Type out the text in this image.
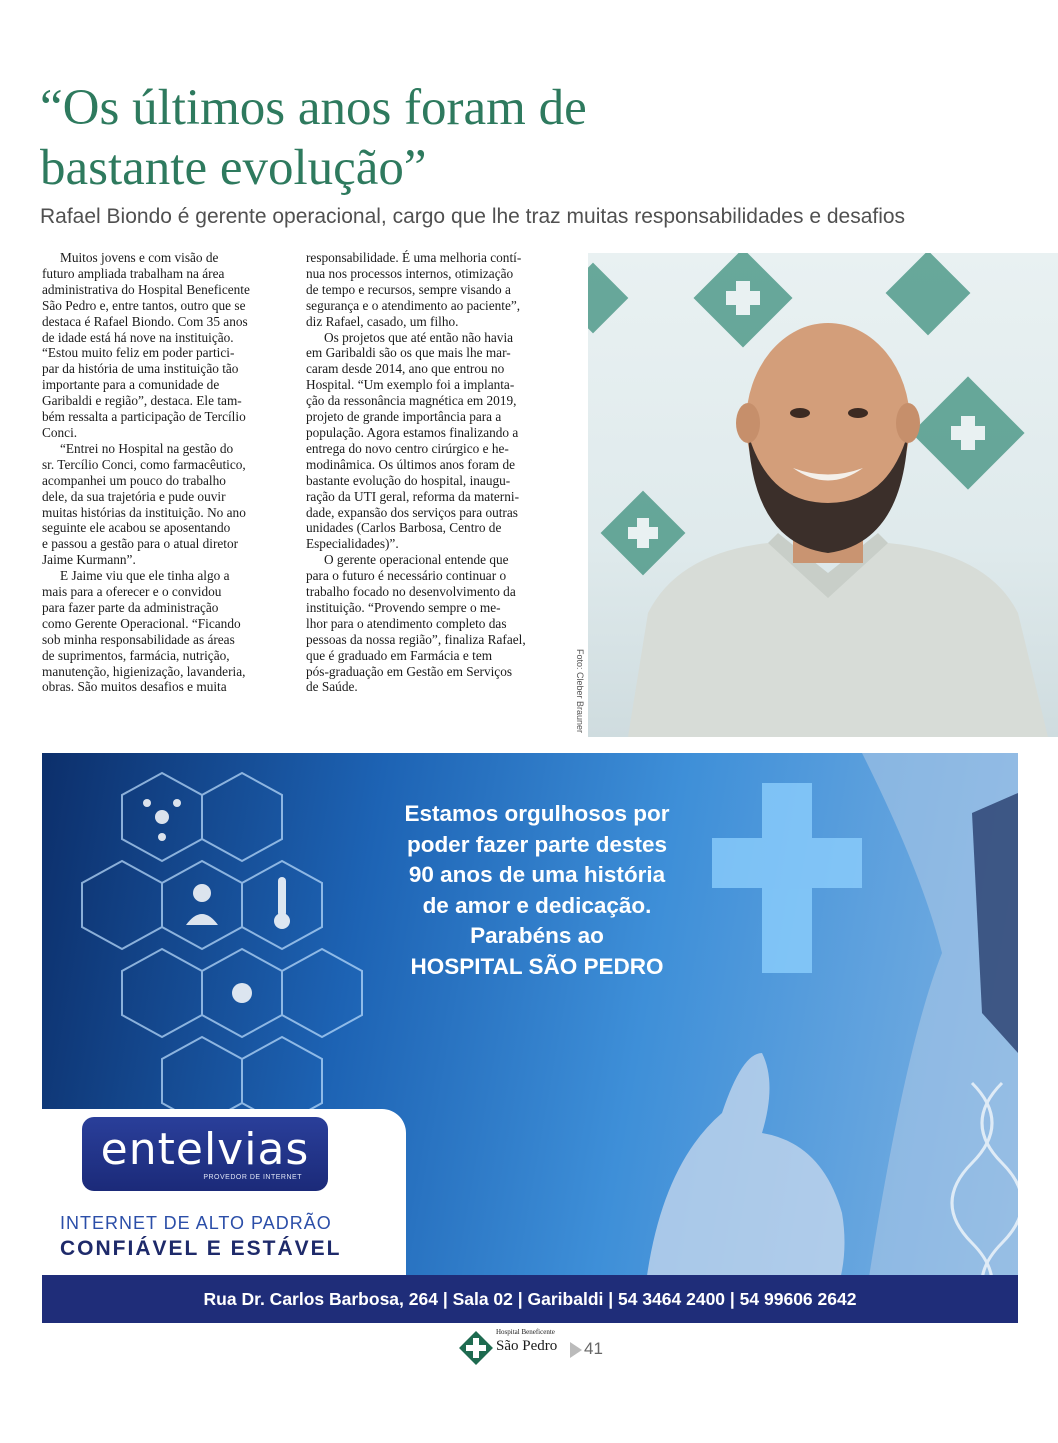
“Os últimos anos foram de
bastante evolução”

Rafael Biondo é gerente operacional, cargo que lhe traz muitas responsabilidades e desafios

Muitos jovens e com visão de
futuro ampliada trabalham na área
administrativa do Hospital Beneficente
São Pedro e, entre tantos, outro que se
destaca é Rafael Biondo. Com 35 anos
de idade está há nove na instituição.
“Estou muito feliz em poder partici-
par da história de uma instituição tão
importante para a comunidade de
Garibaldi e região”, destaca. Ele tam-
bém ressalta a participação de Tercílio
Conci.

“Entrei no Hospital na gestão do
sr. Tercílio Conci, como farmacêutico,
acompanhei um pouco do trabalho
dele, da sua trajetória e pude ouvir
muitas histórias da instituição. No ano
seguinte ele acabou se aposentando
e passou a gestão para o atual diretor
Jaime Kurmann”.

E Jaime viu que ele tinha algo a
mais para a oferecer e o convidou
para fazer parte da administração
como Gerente Operacional. “Ficando
sob minha responsabilidade as áreas
de suprimentos, farmácia, nutrição,
manutenção, higienização, lavanderia,
obras. São muitos desafios e muita

responsabilidade. É uma melhoria contí-
nua nos processos internos, otimização
de tempo e recursos, sempre visando a
segurança e o atendimento ao paciente”,
diz Rafael, casado, um filho.

Os projetos que até então não havia
em Garibaldi são os que mais lhe mar-
caram desde 2014, ano que entrou no
Hospital. “Um exemplo foi a implanta-
ção da ressonância magnética em 2019,
projeto de grande importância para a
população. Agora estamos finalizando a
entrega do novo centro cirúrgico e he-
modinâmica. Os últimos anos foram de
bastante evolução do hospital, inaugu-
ração da UTI geral, reforma da materni-
dade, expansão dos serviços para outras
unidades (Carlos Barbosa, Centro de
Especialidades)”.

O gerente operacional entende que
para o futuro é necessário continuar o
trabalho focado no desenvolvimento da
instituição. “Provendo sempre o me-
lhor para o atendimento completo das
pessoas da nossa região”, finaliza Rafael,
que é graduado em Farmácia e tem
pós-graduação em Gestão em Serviços
de Saúde.	Foto: Cleber Brauner
Estamos orgulhosos por
poder fazer parte destes
90 anos de uma história
de amor e dedicação.
Parabéns ao
HOSPITAL SÃO PEDRO
entelvias
PROVEDOR DE INTERNET
INTERNET DE ALTO PADRÃO
CONFIÁVEL E ESTÁVEL
Rua Dr. Carlos Barbosa, 264 | Sala 02 | Garibaldi | 54 3464 2400 | 54 99606 2642
Hospital Beneficente
São Pedro 41
